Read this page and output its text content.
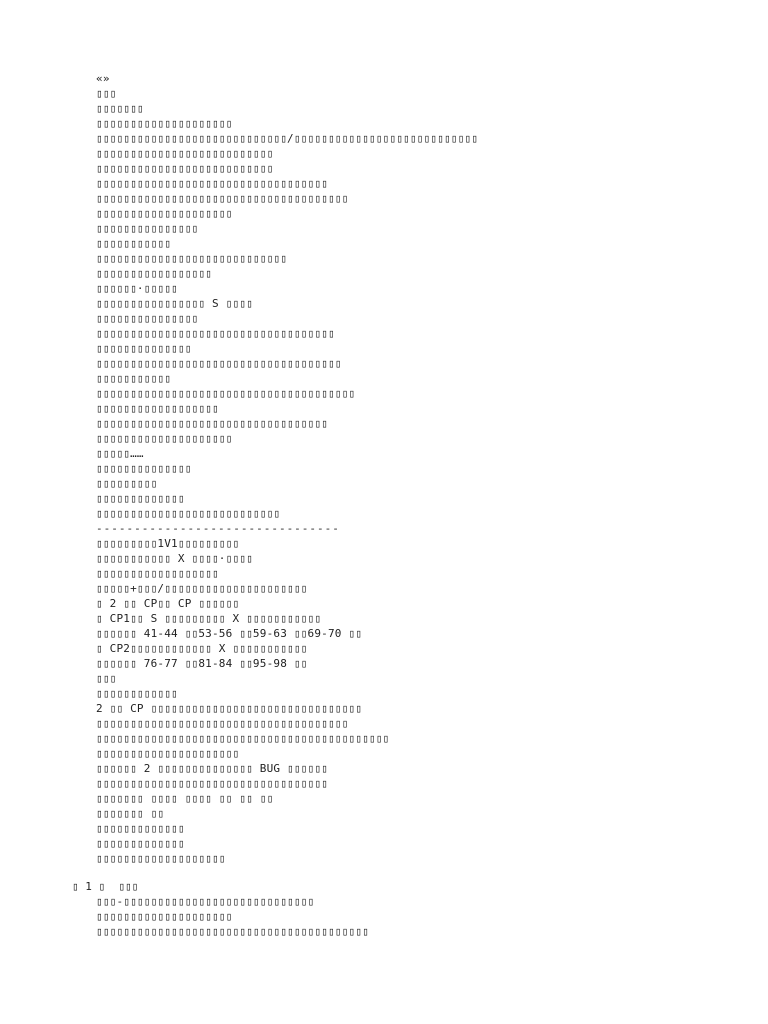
«»
▯▯▯
▯▯▯▯▯▯▯
▯▯▯▯▯▯▯▯▯▯▯▯▯▯▯▯▯▯▯▯
▯▯▯▯▯▯▯▯▯▯▯▯▯▯▯▯▯▯▯▯▯▯▯▯▯▯▯▯/▯▯▯▯▯▯▯▯▯▯▯▯▯▯▯▯▯▯▯▯▯▯▯▯▯▯▯
▯▯▯▯▯▯▯▯▯▯▯▯▯▯▯▯▯▯▯▯▯▯▯▯▯▯
▯▯▯▯▯▯▯▯▯▯▯▯▯▯▯▯▯▯▯▯▯▯▯▯▯▯
▯▯▯▯▯▯▯▯▯▯▯▯▯▯▯▯▯▯▯▯▯▯▯▯▯▯▯▯▯▯▯▯▯▯
▯▯▯▯▯▯▯▯▯▯▯▯▯▯▯▯▯▯▯▯▯▯▯▯▯▯▯▯▯▯▯▯▯▯▯▯▯
▯▯▯▯▯▯▯▯▯▯▯▯▯▯▯▯▯▯▯▯
▯▯▯▯▯▯▯▯▯▯▯▯▯▯▯
▯▯▯▯▯▯▯▯▯▯▯
▯▯▯▯▯▯▯▯▯▯▯▯▯▯▯▯▯▯▯▯▯▯▯▯▯▯▯▯
▯▯▯▯▯▯▯▯▯▯▯▯▯▯▯▯▯
▯▯▯▯▯▯·▯▯▯▯▯
▯▯▯▯▯▯▯▯▯▯▯▯▯▯▯▯ S ▯▯▯▯
▯▯▯▯▯▯▯▯▯▯▯▯▯▯▯
▯▯▯▯▯▯▯▯▯▯▯▯▯▯▯▯▯▯▯▯▯▯▯▯▯▯▯▯▯▯▯▯▯▯▯
▯▯▯▯▯▯▯▯▯▯▯▯▯▯
▯▯▯▯▯▯▯▯▯▯▯▯▯▯▯▯▯▯▯▯▯▯▯▯▯▯▯▯▯▯▯▯▯▯▯▯
▯▯▯▯▯▯▯▯▯▯▯
▯▯▯▯▯▯▯▯▯▯▯▯▯▯▯▯▯▯▯▯▯▯▯▯▯▯▯▯▯▯▯▯▯▯▯▯▯▯
▯▯▯▯▯▯▯▯▯▯▯▯▯▯▯▯▯▯
▯▯▯▯▯▯▯▯▯▯▯▯▯▯▯▯▯▯▯▯▯▯▯▯▯▯▯▯▯▯▯▯▯▯
▯▯▯▯▯▯▯▯▯▯▯▯▯▯▯▯▯▯▯▯
▯▯▯▯▯……
▯▯▯▯▯▯▯▯▯▯▯▯▯▯
▯▯▯▯▯▯▯▯▯
▯▯▯▯▯▯▯▯▯▯▯▯▯
▯▯▯▯▯▯▯▯▯▯▯▯▯▯▯▯▯▯▯▯▯▯▯▯▯▯▯
--------------------------------
▯▯▯▯▯▯▯▯▯1V1▯▯▯▯▯▯▯▯▯
▯▯▯▯▯▯▯▯▯▯▯ X ▯▯▯▯·▯▯▯▯
▯▯▯▯▯▯▯▯▯▯▯▯▯▯▯▯▯▯
▯▯▯▯▯+▯▯▯/▯▯▯▯▯▯▯▯▯▯▯▯▯▯▯▯▯▯▯▯▯
▯ 2 ▯▯ CP▯▯ CP ▯▯▯▯▯▯
▯ CP1▯▯ S ▯▯▯▯▯▯▯▯▯ X ▯▯▯▯▯▯▯▯▯▯▯
▯▯▯▯▯▯ 41-44 ▯▯53-56 ▯▯59-63 ▯▯69-70 ▯▯
▯ CP2▯▯▯▯▯▯▯▯▯▯▯▯ X ▯▯▯▯▯▯▯▯▯▯▯
▯▯▯▯▯▯ 76-77 ▯▯81-84 ▯▯95-98 ▯▯
▯▯▯
▯▯▯▯▯▯▯▯▯▯▯▯
2 ▯▯ CP ▯▯▯▯▯▯▯▯▯▯▯▯▯▯▯▯▯▯▯▯▯▯▯▯▯▯▯▯▯▯▯
▯▯▯▯▯▯▯▯▯▯▯▯▯▯▯▯▯▯▯▯▯▯▯▯▯▯▯▯▯▯▯▯▯▯▯▯▯
▯▯▯▯▯▯▯▯▯▯▯▯▯▯▯▯▯▯▯▯▯▯▯▯▯▯▯▯▯▯▯▯▯▯▯▯▯▯▯▯▯▯▯
▯▯▯▯▯▯▯▯▯▯▯▯▯▯▯▯▯▯▯▯▯
▯▯▯▯▯▯ 2 ▯▯▯▯▯▯▯▯▯▯▯▯▯▯ BUG ▯▯▯▯▯▯
▯▯▯▯▯▯▯▯▯▯▯▯▯▯▯▯▯▯▯▯▯▯▯▯▯▯▯▯▯▯▯▯▯▯
▯▯▯▯▯▯▯ ▯▯▯▯ ▯▯▯▯ ▯▯ ▯▯ ▯▯
▯▯▯▯▯▯▯ ▯▯
▯▯▯▯▯▯▯▯▯▯▯▯▯
▯▯▯▯▯▯▯▯▯▯▯▯▯
▯▯▯▯▯▯▯▯▯▯▯▯▯▯▯▯▯▯▯
▯ 1 ▯  ▯▯▯
▯▯▯-▯▯▯▯▯▯▯▯▯▯▯▯▯▯▯▯▯▯▯▯▯▯▯▯▯▯▯▯
▯▯▯▯▯▯▯▯▯▯▯▯▯▯▯▯▯▯▯▯
▯▯▯▯▯▯▯▯▯▯▯▯▯▯▯▯▯▯▯▯▯▯▯▯▯▯▯▯▯▯▯▯▯▯▯▯▯▯▯▯
